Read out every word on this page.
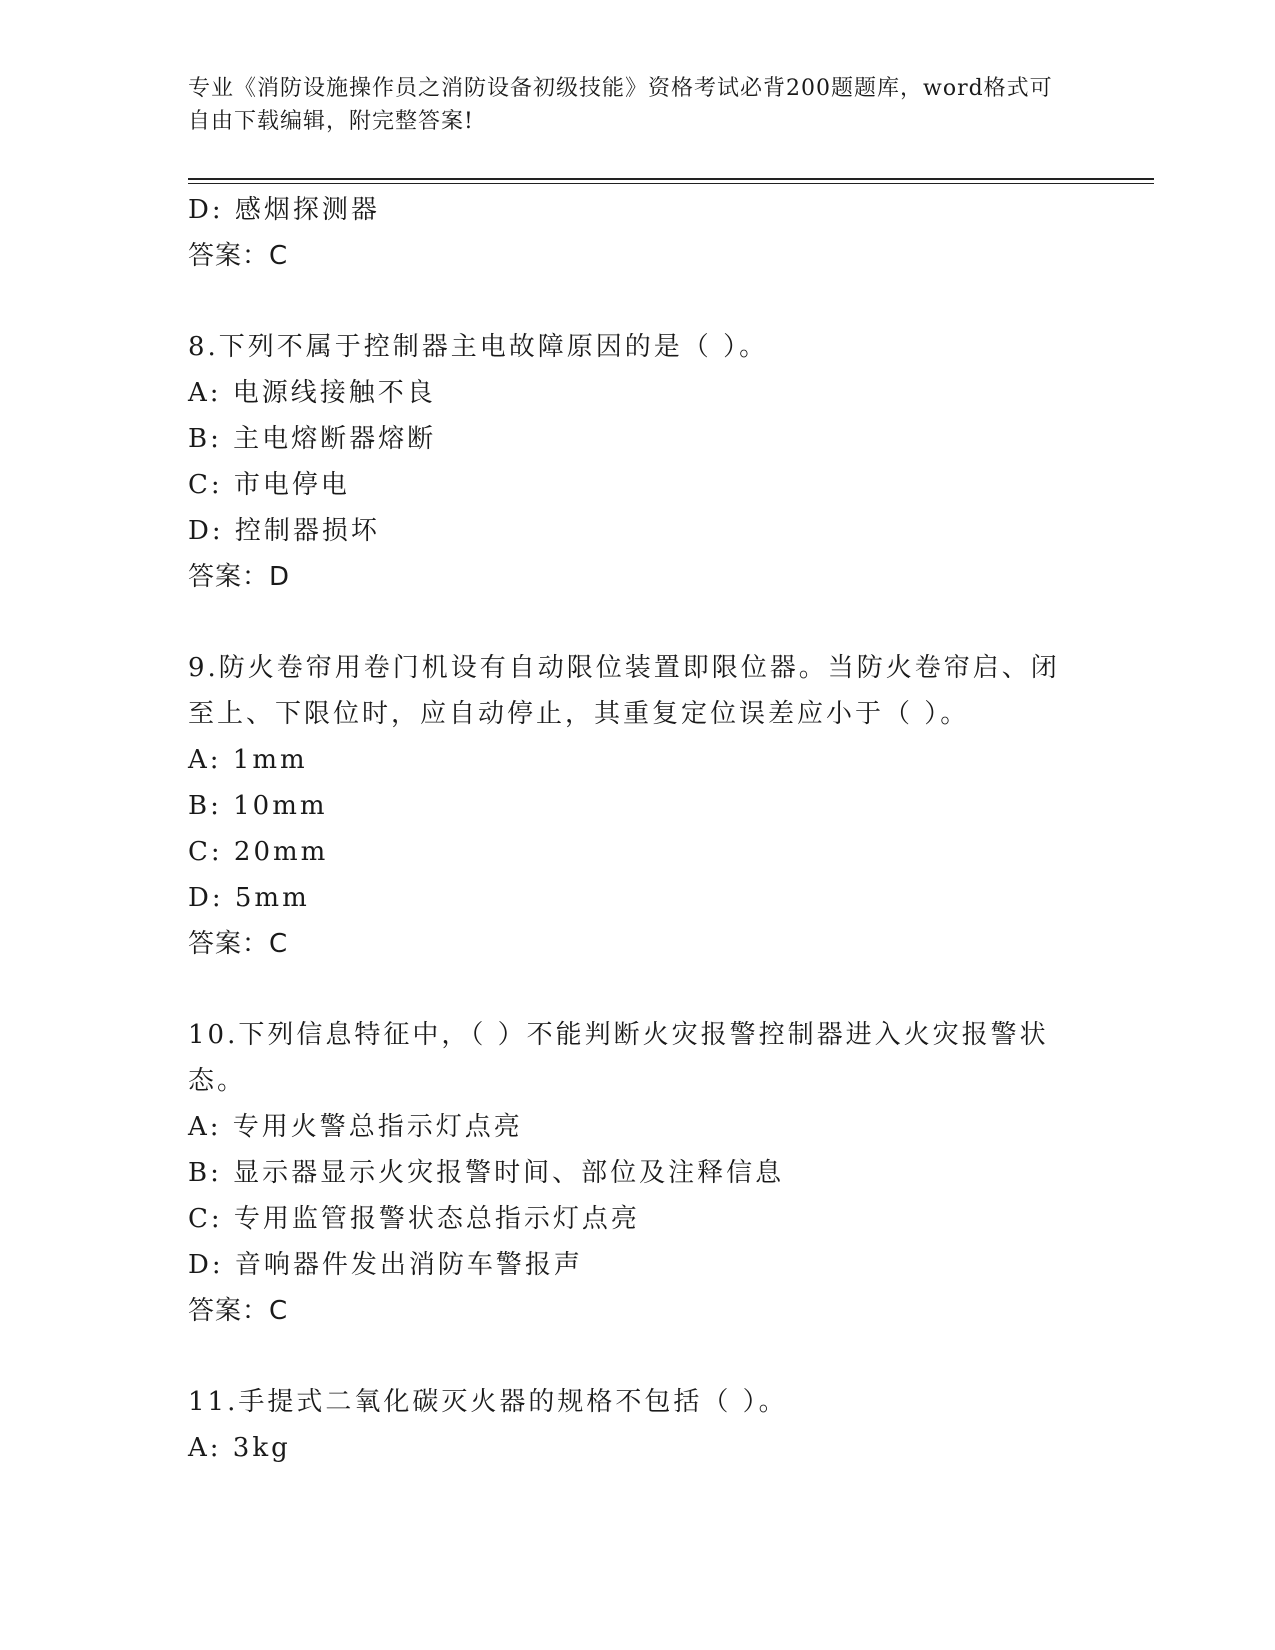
专业《消防设施操作员之消防设备初级技能》资格考试必背200题题库，word格式可自由下载编辑，附完整答案!
D: 感烟探测器
答案：C
8.下列不属于控制器主电故障原因的是（ ）。
A: 电源线接触不良
B: 主电熔断器熔断
C: 市电停电
D: 控制器损坏
答案：D
9.防火卷帘用卷门机设有自动限位装置即限位器。当防火卷帘启、闭至上、下限位时，应自动停止，其重复定位误差应小于（ ）。
A: 1mm
B: 10mm
C: 20mm
D: 5mm
答案：C
10.下列信息特征中，（ ）不能判断火灾报警控制器进入火灾报警状态。
A: 专用火警总指示灯点亮
B: 显示器显示火灾报警时间、部位及注释信息
C: 专用监管报警状态总指示灯点亮
D: 音响器件发出消防车警报声
答案：C
11.手提式二氧化碳灭火器的规格不包括（ ）。
A: 3kg
